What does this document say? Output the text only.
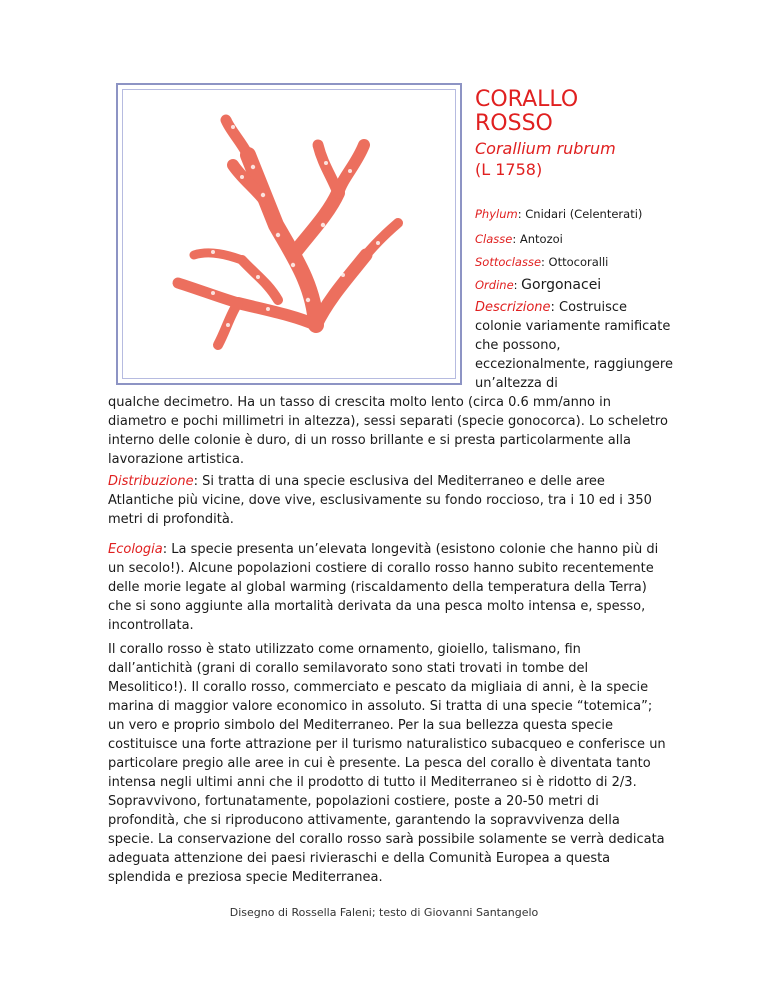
CORALLO
ROSSO
Corallium rubrum
(L 1758)
Phylum: Cnidari (Celenterati)
Classe: Antozoi
Sottoclasse: Ottocoralli
Ordine: Gorgonacei
Descrizione: Costruisce colonie variamente ramificate che possono, eccezionalmente, raggiungere un’altezza di

qualche decimetro. Ha un tasso di crescita molto lento (circa 0.6 mm/anno in diametro e pochi millimetri in altezza), sessi separati (specie gonocorca). Lo scheletro interno delle colonie è duro, di un rosso brillante e si presta particolarmente alla lavorazione artistica.

Distribuzione: Si tratta di una specie esclusiva del Mediterraneo e delle aree Atlantiche più vicine, dove vive, esclusivamente su fondo roccioso, tra i 10 ed i 350 metri di profondità.

Ecologia: La specie presenta un’elevata longevità (esistono colonie che hanno più di un secolo!). Alcune popolazioni costiere di corallo rosso hanno subito recentemente delle morie legate al global warming (riscaldamento della temperatura della Terra) che si sono aggiunte alla mortalità derivata da una pesca molto intensa e, spesso, incontrollata.

Il corallo rosso è stato utilizzato come ornamento, gioiello, talismano, fin dall’antichità (grani di corallo semilavorato sono stati trovati in tombe del Mesolitico!). Il corallo rosso, commerciato e pescato da migliaia di anni, è la specie marina di maggior valore economico in assoluto. Si tratta di una specie “totemica”; un vero e proprio simbolo del Mediterraneo. Per la sua bellezza questa specie costituisce una forte attrazione per il turismo naturalistico subacqueo e conferisce un particolare pregio alle aree in cui è presente. La pesca del corallo è diventata tanto intensa negli ultimi anni che il prodotto di tutto il Mediterraneo si è ridotto di 2/3. Sopravvivono, fortunatamente, popolazioni costiere, poste a 20-50 metri di profondità, che si riproducono attivamente, garantendo la sopravvivenza della specie. La conservazione del corallo rosso sarà possibile solamente se verrà dedicata adeguata attenzione dei paesi rivieraschi e della Comunità Europea a questa splendida e preziosa specie Mediterranea.

Disegno di Rossella Faleni; testo di Giovanni Santangelo
